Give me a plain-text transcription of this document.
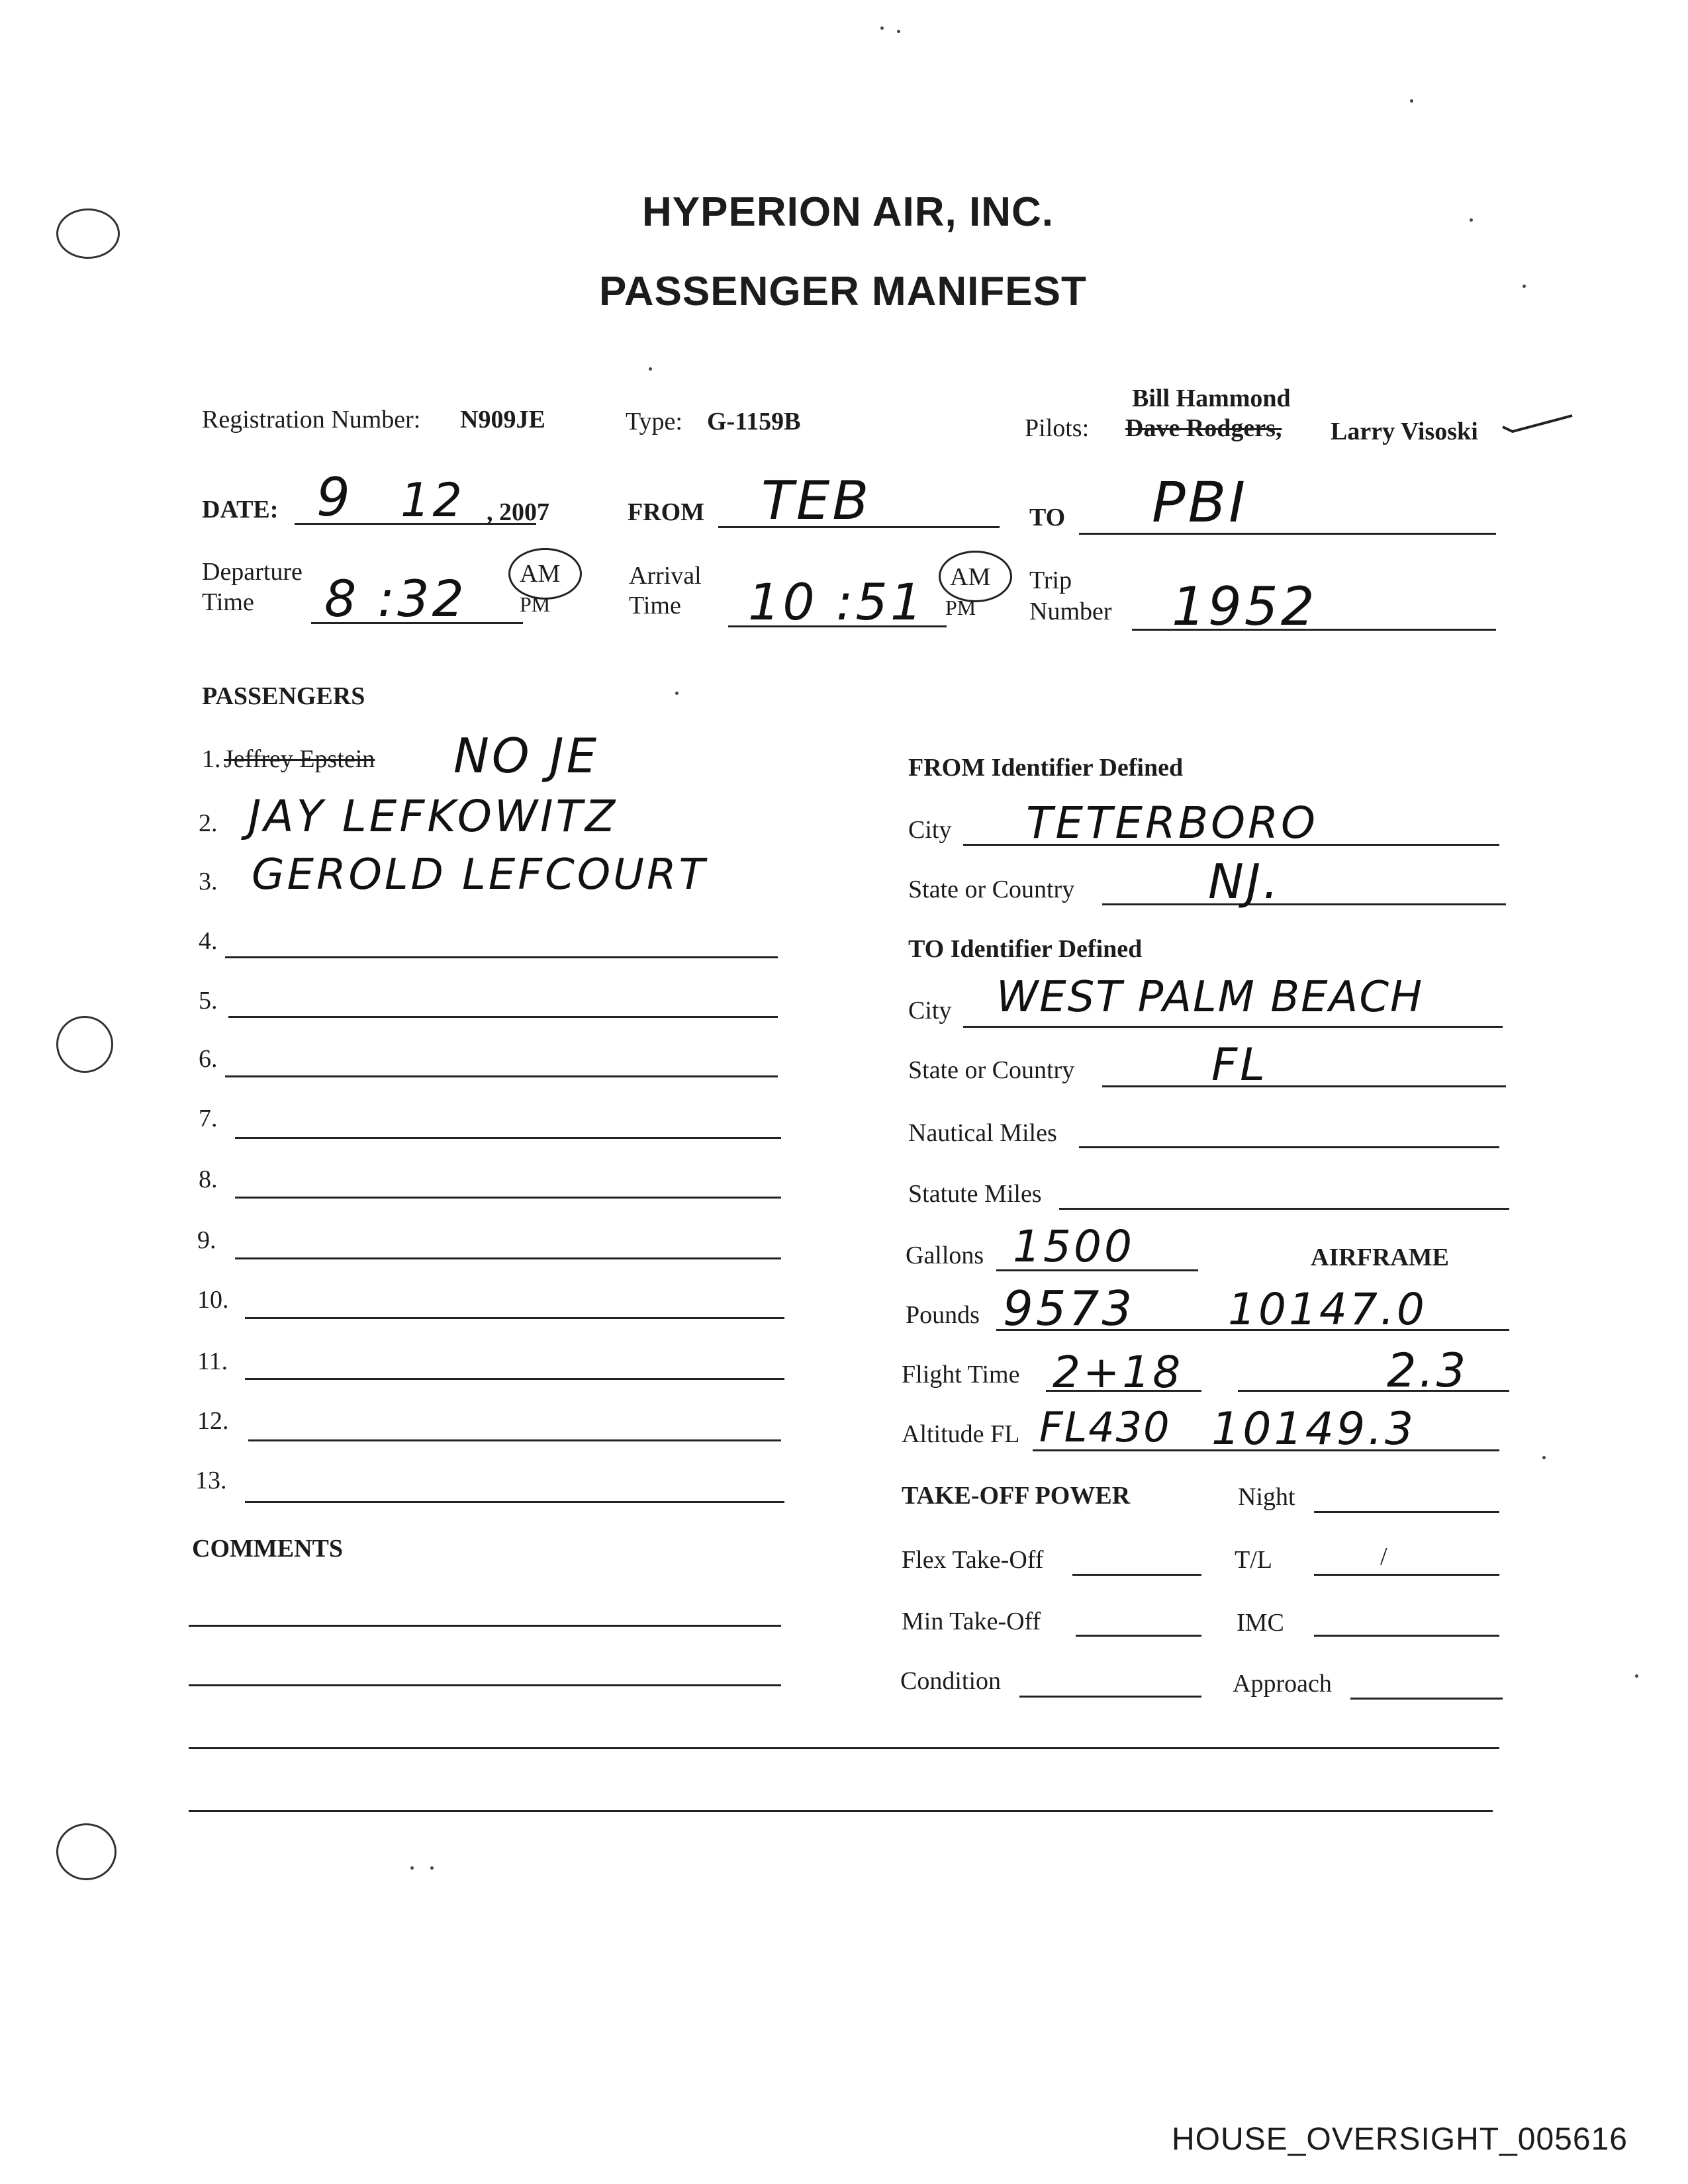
HYPERION AIR, INC.
PASSENGER MANIFEST
Registration Number: N909JE	Type: G-1159B
Bill Hammond
Pilots: Dave Rodgers, Larry Visoski
DATE: 9 12 , 2007	FROM TEB	TO PBI
Departure
Time 8 :32 AM
PM
Arrival
Time 10 :51 AM
PM
Trip
Number 1952
PASSENGERS
1. Jeffrey Epstein NO JE
2. JAY LEFKOWITZ
3. GEROLD LEFCOURT
4.
5.
6.
7.
8.
9.
10.
11.
12.
13.
COMMENTS
FROM Identifier Defined
City TETERBORO
State or Country	NJ.
TO Identifier Defined
City WEST PALM BEACH
State or Country	FL
Nautical Miles
Statute Miles
Gallons 1500	AIRFRAME
Pounds 9573 10147.0
Flight Time 2+18	2.3
Altitude FL FL430 10149.3
TAKE-OFF POWER	Night
Flex Take-Off	T/L	/
Min Take-Off	IMC
Condition	Approach
HOUSE_OVERSIGHT_005616
